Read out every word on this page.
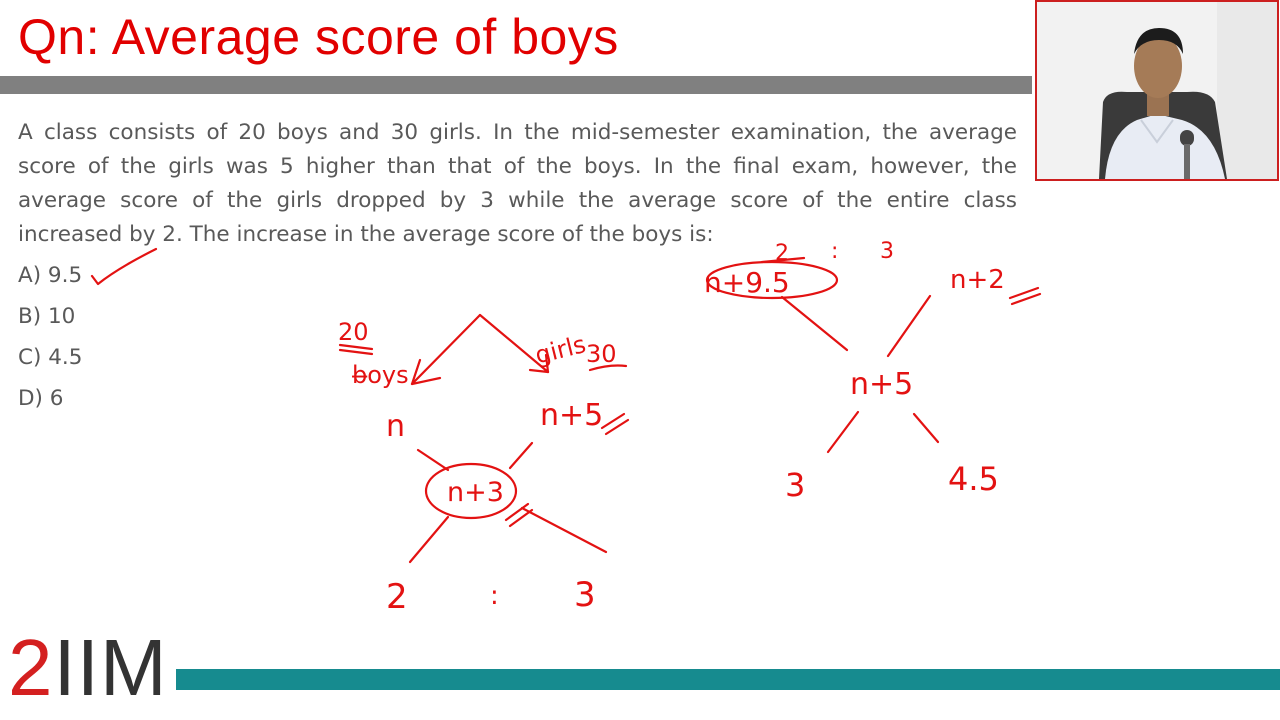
Qn: Average score of boys
A class consists of 20 boys and 30 girls. In the mid-semester examination, the average score of the girls was 5 higher than that of the boys. In the final exam, however, the average score of the girls dropped by 3 while the average score of the entire class increased by 2. The increase in the average score of the boys is:
A) 9.5
B) 10
C) 4.5
D) 6
20
b̶oys
girls
30
n	n+5
n+3
2	: 3
2 : 3
n+9.5	n+2
n+5
3	4.5
2IIM
